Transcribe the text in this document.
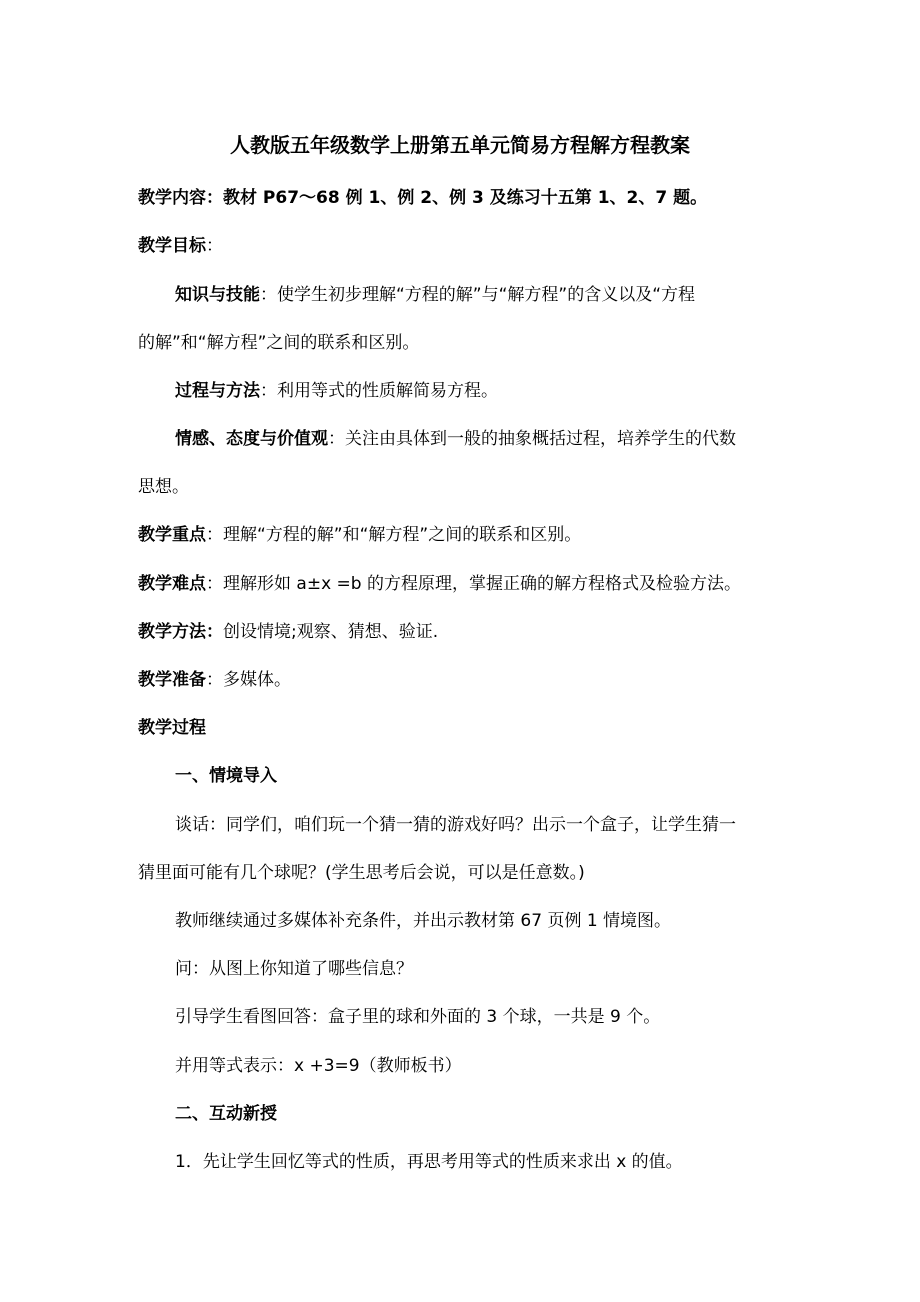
人教版五年级数学上册第五单元简易方程解方程教案
教学内容：教材 P67～68 例 1、例 2、例 3 及练习十五第 1、2、7 题。
教学目标：
知识与技能：使学生初步理解“方程的解”与“解方程”的含义以及“方程
的解”和“解方程”之间的联系和区别。
过程与方法：利用等式的性质解简易方程。
情感、态度与价值观：关注由具体到一般的抽象概括过程，培养学生的代数
思想。
教学重点：理解“方程的解”和“解方程”之间的联系和区别。
教学难点：理解形如 a±x =b 的方程原理，掌握正确的解方程格式及检验方法。
教学方法：创设情境;观察、猜想、验证.
教学准备：多媒体。
教学过程
一、情境导入
谈话：同学们，咱们玩一个猜一猜的游戏好吗？出示一个盒子，让学生猜一
猜里面可能有几个球呢？(学生思考后会说，可以是任意数。)
教师继续通过多媒体补充条件，并出示教材第 67 页例 1 情境图。
问：从图上你知道了哪些信息？
引导学生看图回答：盒子里的球和外面的 3 个球，一共是 9 个。
并用等式表示：x +3=9（教师板书）
二、互动新授
1．先让学生回忆等式的性质，再思考用等式的性质来求出 x 的值。
